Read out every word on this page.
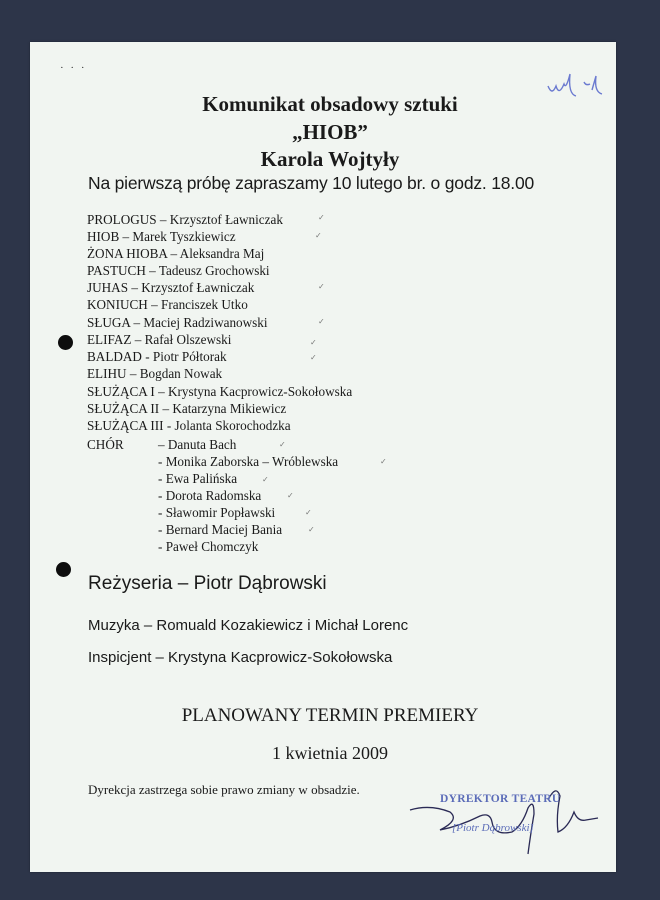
· · ·
Komunikat obsadowy sztuki
„HIOB”
Karola Wojtyły
Na pierwszą próbę zapraszamy 10 lutego br. o godz. 18.00
PROLOGUS – Krzysztof Ławniczak
HIOB – Marek Tyszkiewicz
ŻONA HIOBA – Aleksandra Maj
PASTUCH – Tadeusz Grochowski
JUHAS – Krzysztof Ławniczak
KONIUCH – Franciszek Utko
SŁUGA – Maciej Radziwanowski
ELIFAZ – Rafał Olszewski
BALDAD - Piotr Półtorak
ELIHU – Bogdan Nowak
SŁUŻĄCA I – Krystyna Kacprowicz-Sokołowska
SŁUŻĄCA II – Katarzyna Mikiewicz
SŁUŻĄCA III - Jolanta Skorochodzka
CHÓR	– Danuta Bach
- Monika Zaborska – Wróblewska
- Ewa Palińska
- Dorota Radomska
- Sławomir Popławski
- Bernard Maciej Bania
- Paweł Chomczyk
✓
✓
✓
✓
✓
✓
✓
✓
✓
✓
✓
✓
Reżyseria – Piotr Dąbrowski
Muzyka – Romuald Kozakiewicz i Michał Lorenc
Inspicjent – Krystyna Kacprowicz-Sokołowska
PLANOWANY TERMIN PREMIERY
1 kwietnia 2009
Dyrekcja zastrzega sobie prawo zmiany w obsadzie.
DYREKTOR TEATRU
[Piotr Dąbrowski]
